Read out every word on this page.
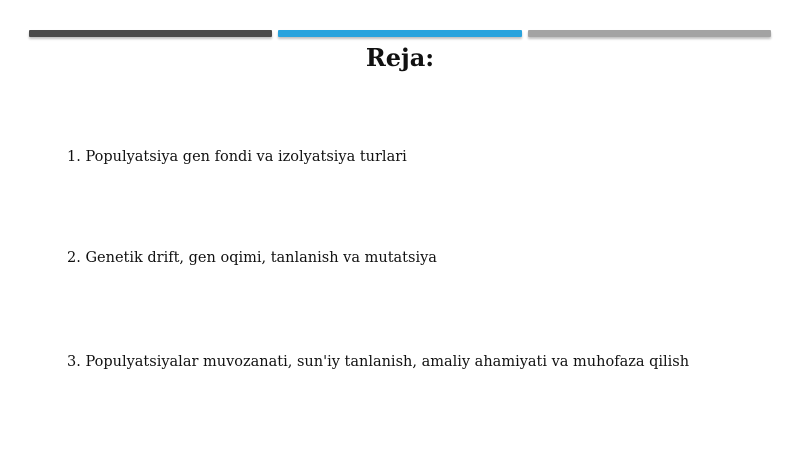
Reja:
1. Populyatsiya gen fondi va izolyatsiya turlari
2. Genetik drift, gen oqimi, tanlanish va mutatsiya
3. Populyatsiyalar muvozanati, sun'iy tanlanish, amaliy ahamiyati va muhofaza qilish
